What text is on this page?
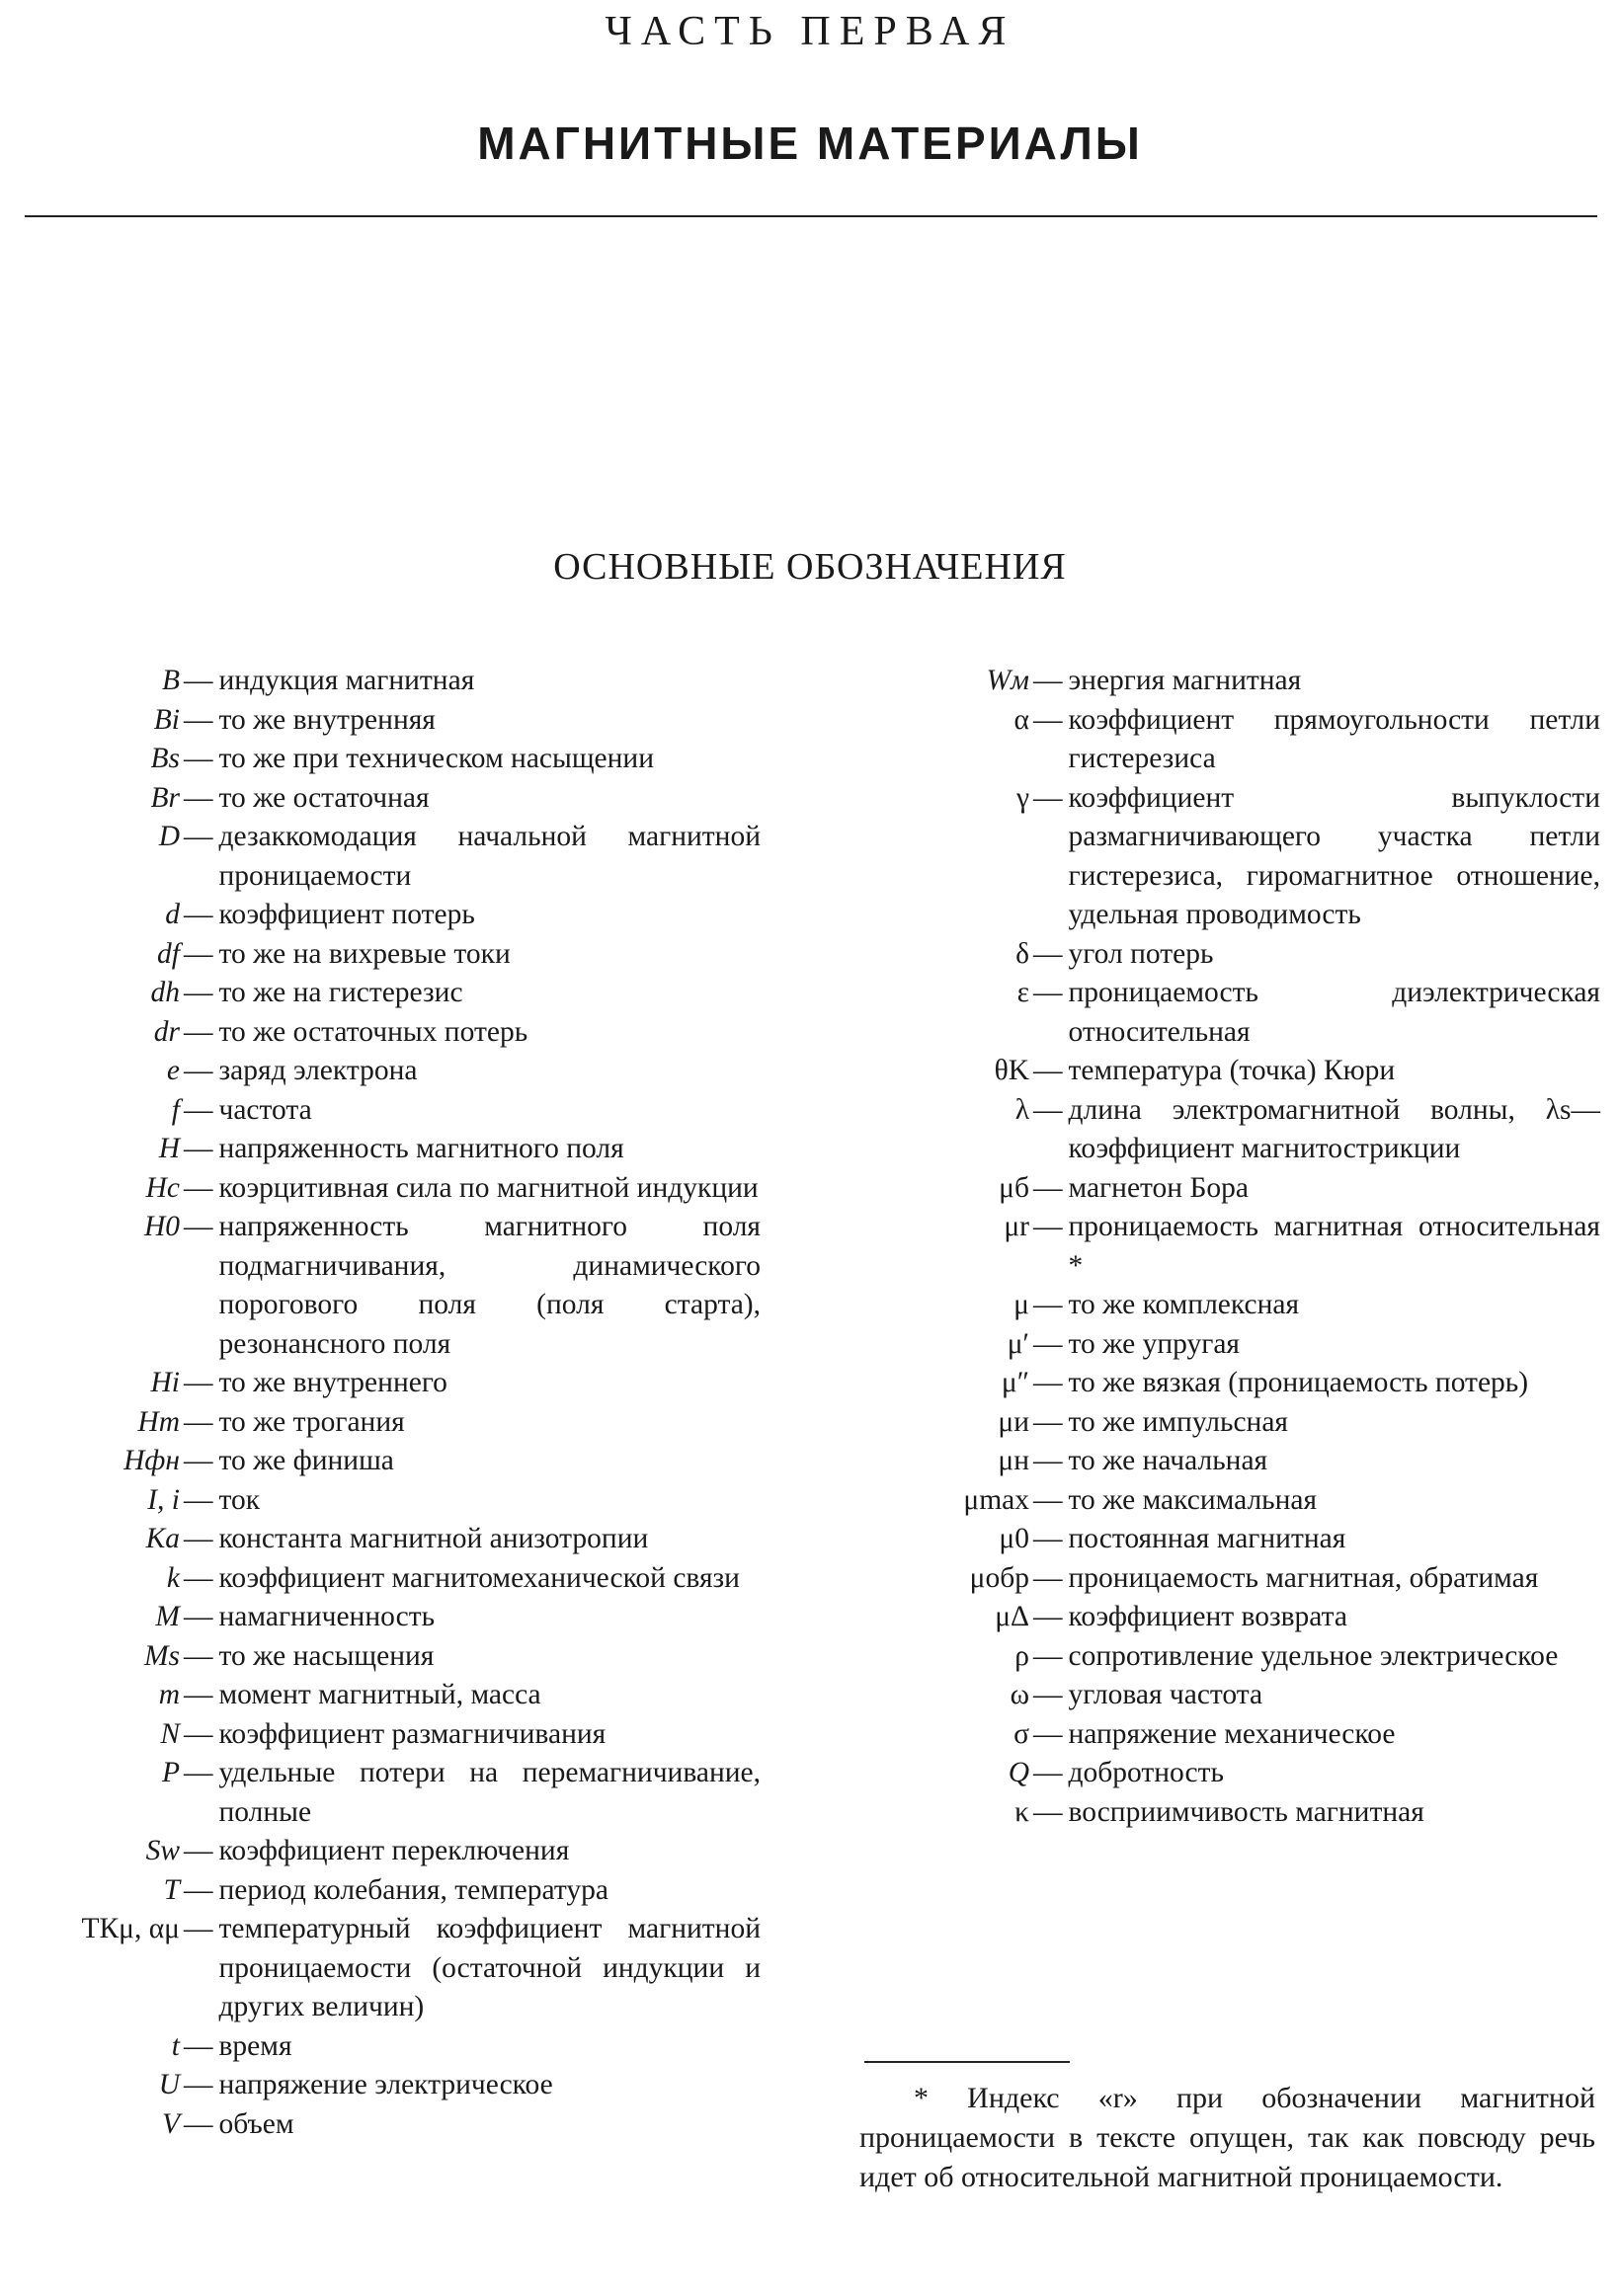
ЧАСТЬ ПЕРВАЯ
МАГНИТНЫЕ МАТЕРИАЛЫ
ОСНОВНЫЕ ОБОЗНАЧЕНИЯ
B — индукция магнитная
Bi — то же внутренняя
Bs — то же при техническом насыщении
Br — то же остаточная
D — дезаккомодация начальной магнитной проницаемости
d — коэффициент потерь
df — то же на вихревые токи
dh — то же на гистерезис
dr — то же остаточных потерь
e — заряд электрона
f — частота
H — напряженность магнитного поля
Hc — коэрцитивная сила по магнитной индукции
H0 — напряженность магнитного поля подмагничивания, динамического порогового поля (поля старта), резонансного поля
Hi — то же внутреннего
Hт — то же трогания
Hфн — то же финиша
I, i — ток
Ka — константа магнитной анизотропии
k — коэффициент магнитомеханической связи
M — намагниченность
Ms — то же насыщения
m — момент магнитный, масса
N — коэффициент размагничивания
P — удельные потери на перемагничивание, полные
Sw — коэффициент переключения
T — период колебания, температура
ТКμ, αμ — температурный коэффициент магнитной проницаемости (остаточной индукции и других величин)
t — время
U — напряжение электрическое
V — объем
Wм — энергия магнитная
α — коэффициент прямоугольности петли гистерезиса
γ — коэффициент выпуклости размагничивающего участка петли гистерезиса, гиромагнитное отношение, удельная проводимость
δ — угол потерь
ε — проницаемость диэлектрическая относительная
θK — температура (точка) Кюри
λ — длина электромагнитной волны, λs— коэффициент магнитострикции
μб — магнетон Бора
μr — проницаемость магнитная относительная *
μ — то же комплексная
μ′ — то же упругая
μ″ — то же вязкая (проницаемость потерь)
μи — то же импульсная
μн — то же начальная
μmax — то же максимальная
μ0 — постоянная магнитная
μобр — проницаемость магнитная, обратимая
μΔ — коэффициент возврата
ρ — сопротивление удельное электрическое
ω — угловая частота
σ — напряжение механическое
Q — добротность
κ — восприимчивость магнитная
* Индекс «r» при обозначении магнитной проницаемости в тексте опущен, так как повсюду речь идет об относительной магнитной проницаемости.
